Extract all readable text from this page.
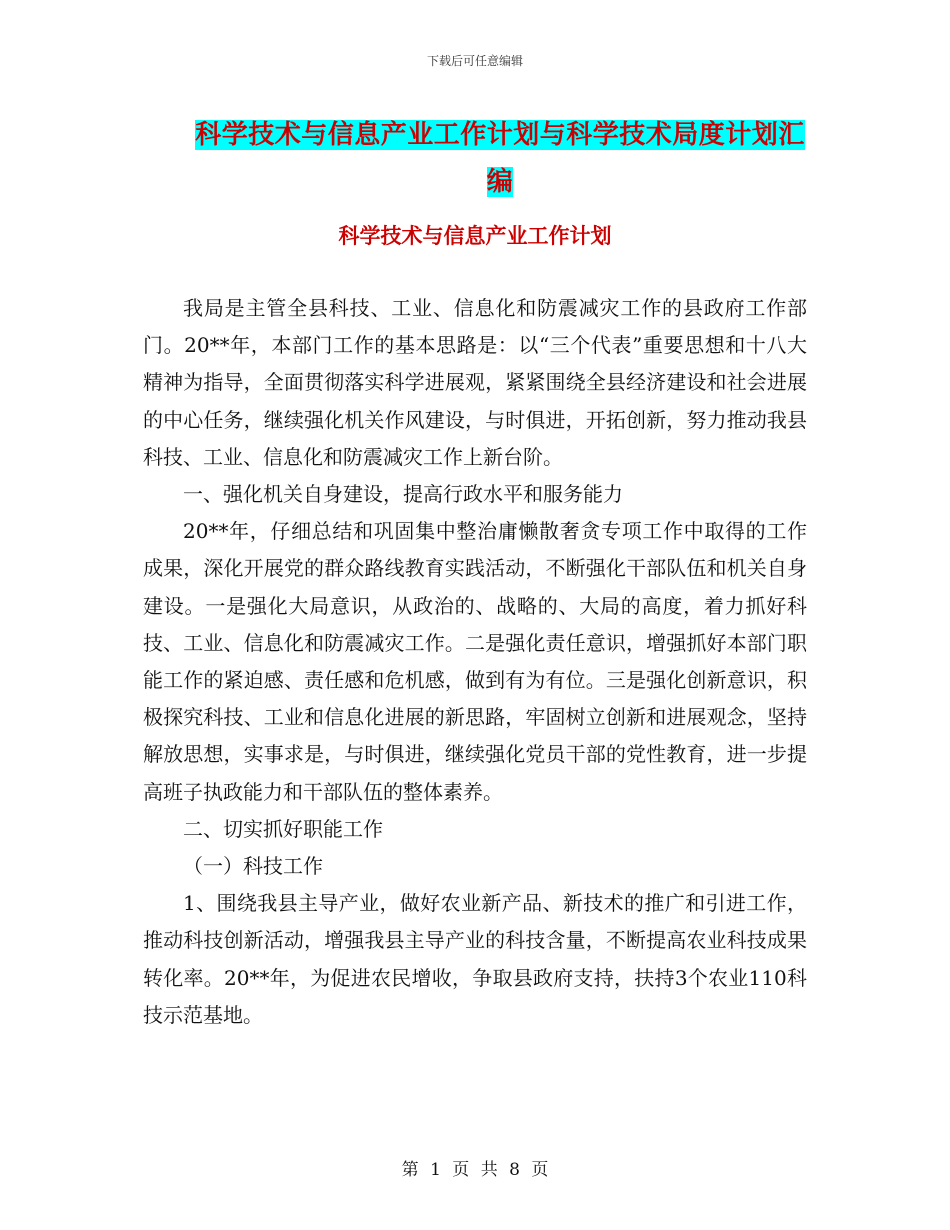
下载后可任意编辑
科学技术与信息产业工作计划与科学技术局度计划汇编
科学技术与信息产业工作计划

我局是主管全县科技、工业、信息化和防震减灾工作的县政府工作部门。20**年，本部门工作的基本思路是：以“三个代表”重要思想和十八大精神为指导，全面贯彻落实科学进展观，紧紧围绕全县经济建设和社会进展的中心任务，继续强化机关作风建设，与时俱进，开拓创新，努力推动我县科技、工业、信息化和防震减灾工作上新台阶。

一、强化机关自身建设，提高行政水平和服务能力

20**年，仔细总结和巩固集中整治庸懒散奢贪专项工作中取得的工作成果，深化开展党的群众路线教育实践活动，不断强化干部队伍和机关自身建设。一是强化大局意识，从政治的、战略的、大局的高度，着力抓好科技、工业、信息化和防震减灾工作。二是强化责任意识，增强抓好本部门职能工作的紧迫感、责任感和危机感，做到有为有位。三是强化创新意识，积极探究科技、工业和信息化进展的新思路，牢固树立创新和进展观念，坚持解放思想，实事求是，与时俱进，继续强化党员干部的党性教育，进一步提高班子执政能力和干部队伍的整体素养。

二、切实抓好职能工作

（一）科技工作

1、围绕我县主导产业，做好农业新产品、新技术的推广和引进工作，推动科技创新活动，增强我县主导产业的科技含量，不断提高农业科技成果转化率。20**年，为促进农民增收，争取县政府支持，扶持3个农业110科技示范基地。

第 1 页 共 8 页
